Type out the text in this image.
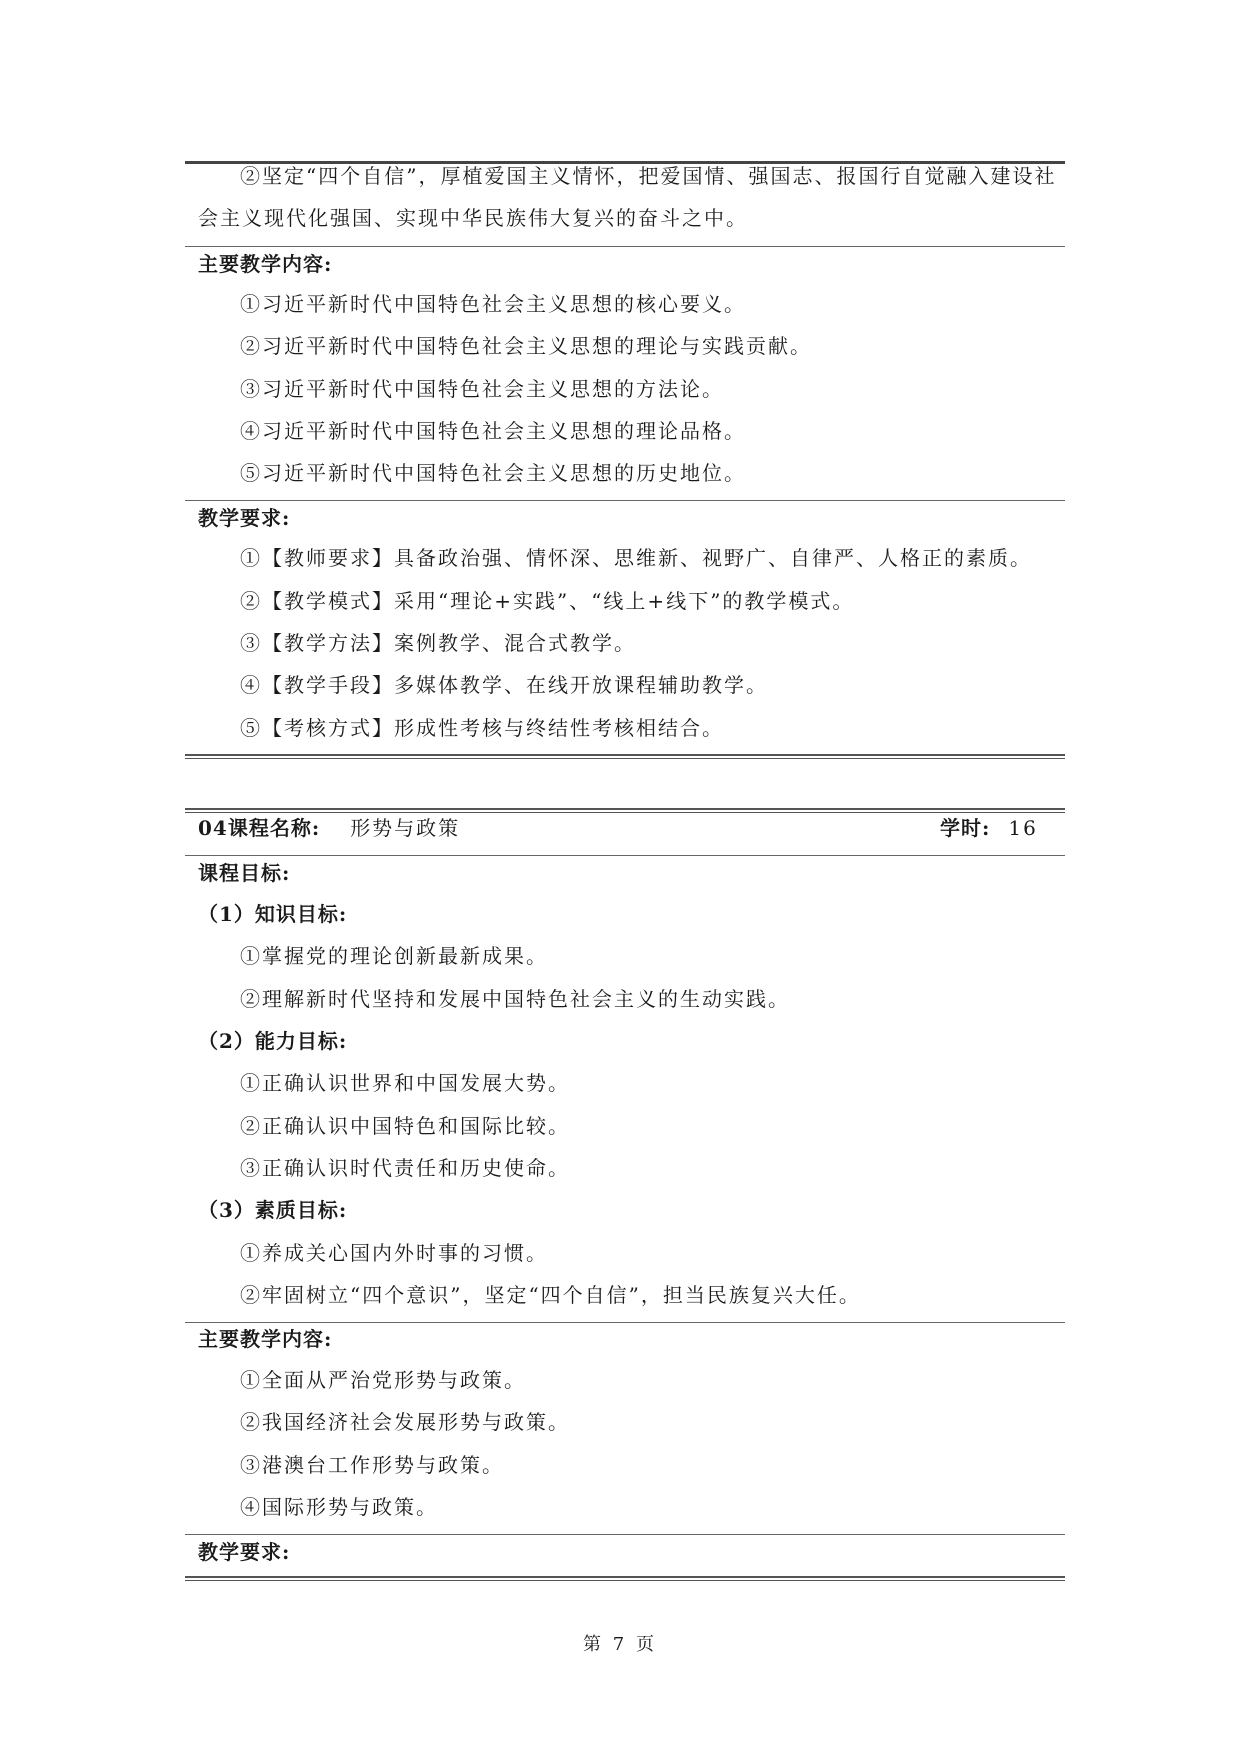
②坚定“四个自信”，厚植爱国主义情怀，把爱国情、强国志、报国行自觉融入建设社
会主义现代化强国、实现中华民族伟大复兴的奋斗之中。
主要教学内容:
①习近平新时代中国特色社会主义思想的核心要义。
②习近平新时代中国特色社会主义思想的理论与实践贡献。
③习近平新时代中国特色社会主义思想的方法论。
④习近平新时代中国特色社会主义思想的理论品格。
⑤习近平新时代中国特色社会主义思想的历史地位。
教学要求:
①【教师要求】具备政治强、情怀深、思维新、视野广、自律严、人格正的素质。
②【教学模式】采用“理论+实践”、“线上+线下”的教学模式。
③【教学方法】案例教学、混合式教学。
④【教学手段】多媒体教学、在线开放课程辅助教学。
⑤【考核方式】形成性考核与终结性考核相结合。
04课程名称: 形势与政策	学时: 16
课程目标:
（1）知识目标:
①掌握党的理论创新最新成果。
②理解新时代坚持和发展中国特色社会主义的生动实践。
（2）能力目标:
①正确认识世界和中国发展大势。
②正确认识中国特色和国际比较。
③正确认识时代责任和历史使命。
（3）素质目标:
①养成关心国内外时事的习惯。
②牢固树立“四个意识”，坚定“四个自信”，担当民族复兴大任。
主要教学内容:
①全面从严治党形势与政策。
②我国经济社会发展形势与政策。
③港澳台工作形势与政策。
④国际形势与政策。
教学要求:
第 7 页
